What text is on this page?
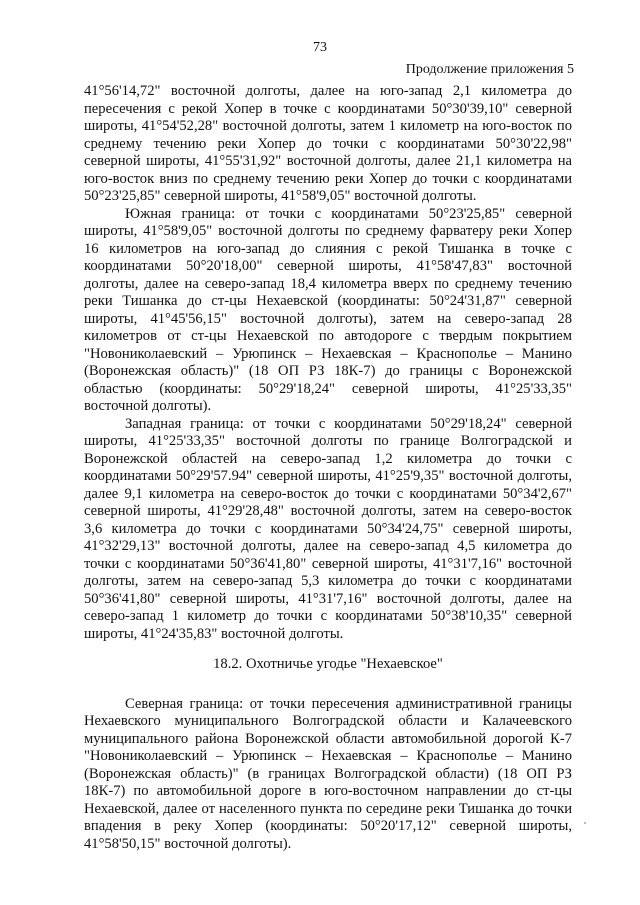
73
Продолжение приложения 5

41°56'14,72" восточной долготы, далее на юго-запад 2,1 километра до пересечения с рекой Хопер в точке с координатами 50°30'39,10" северной широты, 41°54'52,28" восточной долготы, затем 1 километр на юго-восток по среднему течению реки Хопер до точки с координатами 50°30'22,98" северной широты, 41°55'31,92" восточной долготы, далее 21,1 километра на юго-восток вниз по среднему течению реки Хопер до точки с координатами 50°23'25,85" северной широты, 41°58'9,05" восточной долготы.

Южная граница: от точки с координатами 50°23'25,85" северной широты, 41°58'9,05" восточной долготы по среднему фарватеру реки Хопер 16 километров на юго-запад до слияния с рекой Тишанка в точке с координатами 50°20'18,00" северной широты, 41°58'47,83" восточной долготы, далее на северо-запад 18,4 километра вверх по среднему течению реки Тишанка до ст-цы Нехаевской (координаты: 50°24'31,87" северной широты, 41°45'56,15" восточной долготы), затем на северо-запад 28 километров от ст-цы Нехаевской по автодороге с твердым покрытием "Новониколаевский – Урюпинск – Нехаевская – Краснополье – Манино (Воронежская область)" (18 ОП РЗ 18К-7) до границы с Воронежской областью (координаты: 50°29'18,24" северной широты, 41°25'33,35" восточной долготы).

Западная граница: от точки с координатами 50°29'18,24" северной широты, 41°25'33,35" восточной долготы по границе Волгоградской и Воронежской областей на северо-запад 1,2 километра до точки с координатами 50°29'57.94" северной широты, 41°25'9,35" восточной долготы, далее 9,1 километра на северо-восток до точки с координатами 50°34'2,67" северной широты, 41°29'28,48" восточной долготы, затем на северо-восток 3,6 километра до точки с координатами 50°34'24,75" северной широты, 41°32'29,13" восточной долготы, далее на северо-запад 4,5 километра до точки с координатами 50°36'41,80" северной широты, 41°31'7,16" восточной долготы, затем на северо-запад 5,3 километра до точки с координатами 50°36'41,80" северной широты, 41°31'7,16" восточной долготы, далее на северо-запад 1 километр до точки с координатами 50°38'10,35" северной широты, 41°24'35,83" восточной долготы.

18.2. Охотничье угодье "Нехаевское"

Северная граница: от точки пересечения административной границы Нехаевского муниципального Волгоградской области и Калачеевского муниципального района Воронежской области автомобильной дорогой К-7 "Новониколаевский – Урюпинск – Нехаевская – Краснополье – Манино (Воронежская область)" (в границах Волгоградской области) (18 ОП РЗ 18К-7) по автомобильной дороге в юго-восточном направлении до ст-цы Нехаевской, далее от населенного пункта по середине реки Тишанка до точки впадения в реку Хопер (координаты: 50°20'17,12" северной широты, 41°58'50,15" восточной долготы).
